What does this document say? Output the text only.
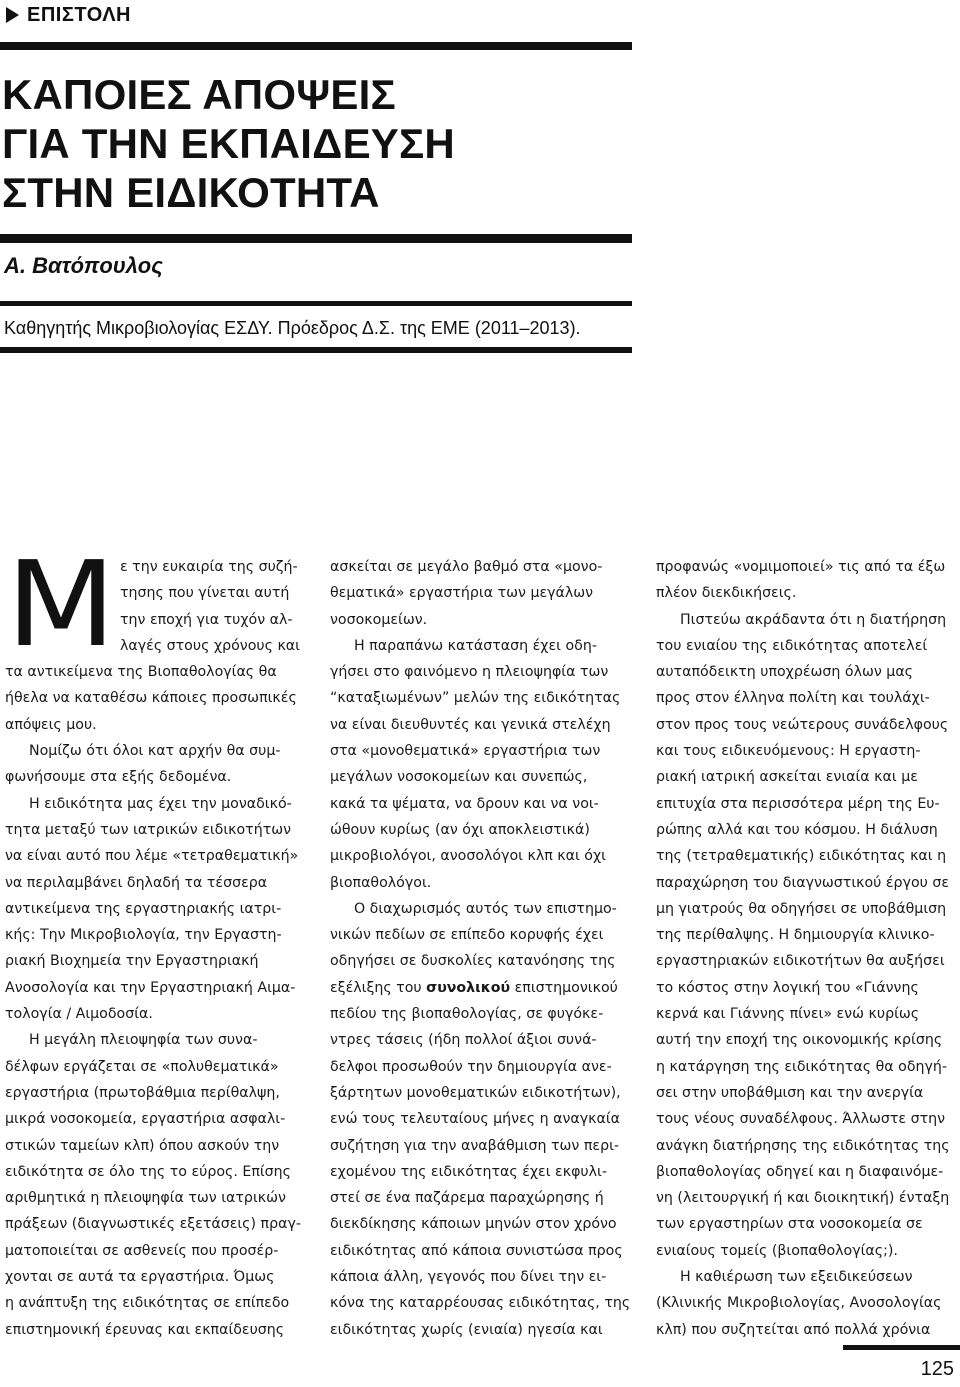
ΕΠΙΣΤΟΛΗ
ΚΑΠΟΙΕΣ ΑΠΟΨΕΙΣ
ΓΙΑ ΤΗΝ ΕΚΠΑΙΔΕΥΣΗ
ΣΤΗΝ ΕΙΔΙΚΟΤΗΤΑ
Α. Βατόπουλος
Καθηγητής Μικροβιολογίας ΕΣΔΥ. Πρόεδρος Δ.Σ. της ΕΜΕ (2011–2013).
Μ ε την ευκαιρία της συζή-
τησης που γίνεται αυτή
την εποχή για τυχόν αλ-
λαγές στους χρόνους και
τα αντικείμενα της Βιοπαθολογίας θα
ήθελα να καταθέσω κάποιες προσωπικές
απόψεις μου.
Νομίζω ότι όλοι κατ αρχήν θα συμ-
φωνήσουμε στα εξής δεδομένα.
Η ειδικότητα μας έχει την μοναδικό-
τητα μεταξύ των ιατρικών ειδικοτήτων
να είναι αυτό που λέμε «τετραθεματική»
να περιλαμβάνει δηλαδή τα τέσσερα
αντικείμενα της εργαστηριακής ιατρι-
κής: Την Μικροβιολογία, την Εργαστη-
ριακή Βιοχημεία την Εργαστηριακή
Ανοσολογία και την Εργαστηριακή Αιμα-
τολογία / Αιμοδοσία.
Η μεγάλη πλειοψηφία των συνα-
δέλφων εργάζεται σε «πολυθεματικά»
εργαστήρια (πρωτοβάθμια περίθαλψη,
μικρά νοσοκομεία, εργαστήρια ασφαλι-
στικών ταμείων κλπ) όπου ασκούν την
ειδικότητα σε όλο της το εύρος. Επίσης
αριθμητικά η πλειοψηφία των ιατρικών
πράξεων (διαγνωστικές εξετάσεις) πραγ-
ματοποιείται σε ασθενείς που προσέρ-
χονται σε αυτά τα εργαστήρια. Όμως
η ανάπτυξη της ειδικότητας σε επίπεδο
επιστημονική έρευνας και εκπαίδευσης
ασκείται σε μεγάλο βαθμό στα «μονο-
θεματικά» εργαστήρια των μεγάλων
νοσοκομείων.
Η παραπάνω κατάσταση έχει οδη-
γήσει στο φαινόμενο η πλειοψηφία των
“καταξιωμένων” μελών της ειδικότητας
να είναι διευθυντές και γενικά στελέχη
στα «μονοθεματικά» εργαστήρια των
μεγάλων νοσοκομείων και συνεπώς,
κακά τα ψέματα, να δρουν και να νοι-
ώθουν κυρίως (αν όχι αποκλειστικά)
μικροβιολόγοι, ανοσολόγοι κλπ και όχι
βιοπαθολόγοι.
Ο διαχωρισμός αυτός των επιστημο-
νικών πεδίων σε επίπεδο κορυφής έχει
οδηγήσει σε δυσκολίες κατανόησης της
εξέλιξης του συνολικού επιστημονικού
πεδίου της βιοπαθολογίας, σε φυγόκε-
ντρες τάσεις (ήδη πολλοί άξιοι συνά-
δελφοι προσωθούν την δημιουργία ανε-
ξάρτητων μονοθεματικών ειδικοτήτων),
ενώ τους τελευταίους μήνες η αναγκαία
συζήτηση για την αναβάθμιση των περι-
εχομένου της ειδικότητας έχει εκφυλι-
στεί σε ένα παζάρεμα παραχώρησης ή
διεκδίκησης κάποιων μηνών στον χρόνο
ειδικότητας από κάποια συνιστώσα προς
κάποια άλλη, γεγονός που δίνει την ει-
κόνα της καταρρέουσας ειδικότητας, της
ειδικότητας χωρίς (ενιαία) ηγεσία και
προφανώς «νομιμοποιεί» τις από τα έξω
πλέον διεκδικήσεις.
Πιστεύω ακράδαντα ότι η διατήρηση
του ενιαίου της ειδικότητας αποτελεί
αυταπόδεικτη υποχρέωση όλων μας
προς στον έλληνα πολίτη και τουλάχι-
στον προς τους νεώτερους συνάδελφους
και τους ειδικευόμενους: Η εργαστη-
ριακή ιατρική ασκείται ενιαία και με
επιτυχία στα περισσότερα μέρη της Ευ-
ρώπης αλλά και του κόσμου. Η διάλυση
της (τετραθεματικής) ειδικότητας και η
παραχώρηση του διαγνωστικού έργου σε
μη γιατρούς θα οδηγήσει σε υποβάθμιση
της περίθαλψης. Η δημιουργία κλινικο-
εργαστηριακών ειδικοτήτων θα αυξήσει
το κόστος στην λογική του «Γιάννης
κερνά και Γιάννης πίνει» ενώ κυρίως
αυτή την εποχή της οικονομικής κρίσης
η κατάργηση της ειδικότητας θα οδηγή-
σει στην υποβάθμιση και την ανεργία
τους νέους συναδέλφους. Άλλωστε στην
ανάγκη διατήρησης της ειδικότητας της
βιοπαθολογίας οδηγεί και η διαφαινόμε-
νη (λειτουργική ή και διοικητική) ένταξη
των εργαστηρίων στα νοσοκομεία σε
ενιαίους τομείς (βιοπαθολογίας;).
Η καθιέρωση των εξειδικεύσεων
(Κλινικής Μικροβιολογίας, Ανοσολογίας
κλπ) που συζητείται από πολλά χρόνια
125
